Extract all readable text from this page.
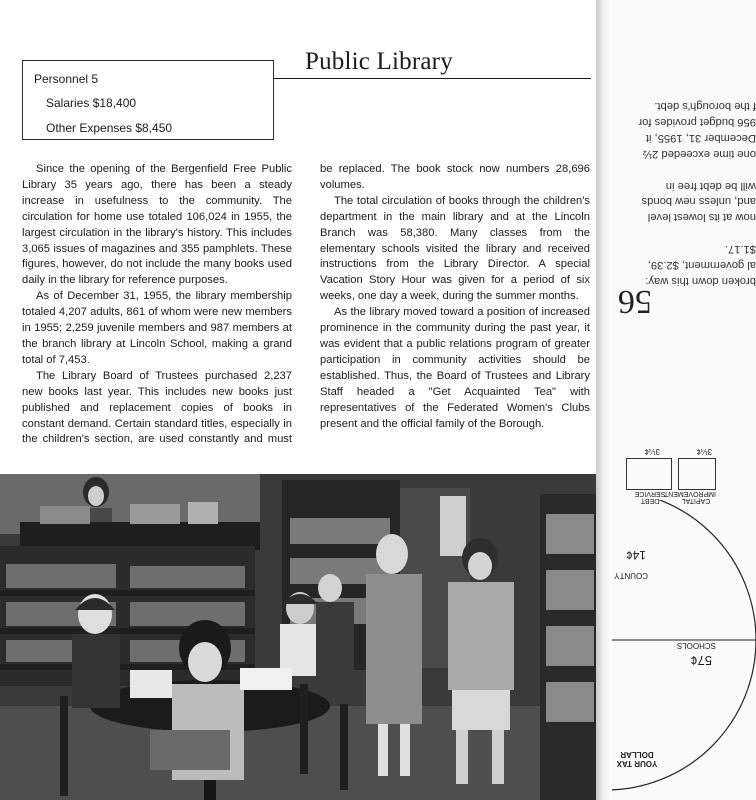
Public Library
Personnel 5
Salaries $18,400
Other Expenses $8,450

Since the opening of the Bergenfield Free Public Library 35 years ago, there has been a steady increase in usefulness to the community. The circulation for home use totaled 106,024 in 1955, the largest circulation in the library's history. This includes 3,065 issues of magazines and 355 pamphlets. These figures, however, do not include the many books used daily in the library for reference purposes.

As of December 31, 1955, the library membership totaled 4,207 adults, 861 of whom were new members in 1955; 2,259 juvenile members and 987 members at the branch library at Lincoln School, making a grand total of 7,453.

The Library Board of Trustees purchased 2,237 new books last year. This includes new books just published and replacement copies of books in constant demand. Certain standard titles, especially in the children's section, are used constantly and must be replaced. The book stock now numbers 28,696 volumes.

The total circulation of books through the children's department in the main library and at the Lincoln Branch was 58,380. Many classes from the elementary schools visited the library and received instructions from the Library Director. A special Vacation Story Hour was given for a period of six weeks, one day a week, during the summer months.

As the library moved toward a position of increased prominence in the community during the past year, it was evident that a public relations program of greater participation in community activities should be established. Thus, the Board of Trustees and Library Staff headed a "Get Acquainted Tea" with representatives of the Federated Women's Clubs present and the official family of the Borough.

broken down this way:
al government, $2.39,
$1.17.

now at its lowest level
and, unless new bonds
will be debt free in

one time exceeded 2½
December 31, 1955, it
956 budget provides for
f the borough's debt.
56
CAPITAL IMPROVEMENT
DEBT SERVICE
3¼¢
3¼¢
YOUR TAX DOLLAR
SCHOOLS
57¢
COUNTY
14¢
